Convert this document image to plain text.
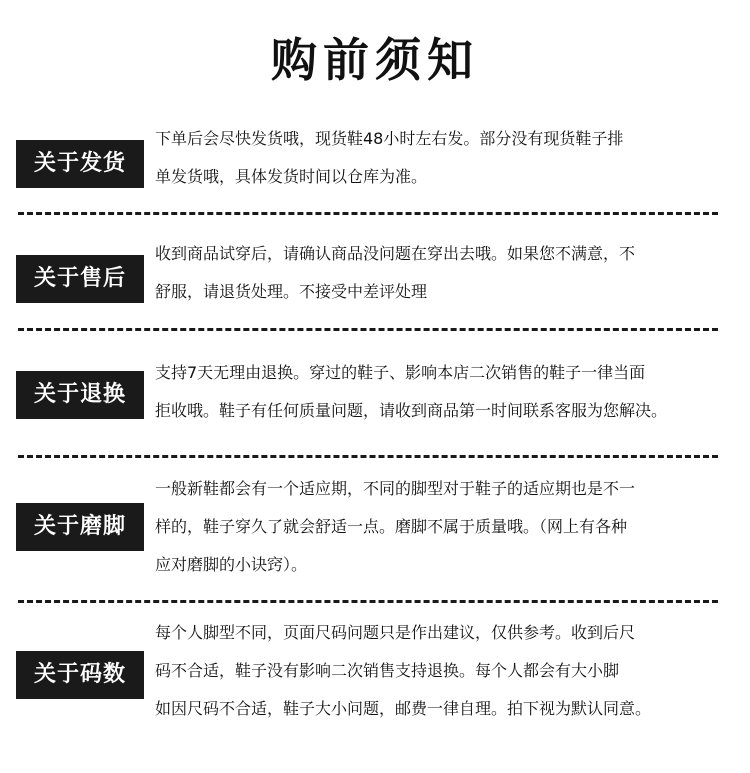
购前须知
关于发货
下单后会尽快发货哦，现货鞋48小时左右发。部分没有现货鞋子排
单发货哦，具体发货时间以仓库为准。
关于售后
收到商品试穿后，请确认商品没问题在穿出去哦。如果您不满意，不
舒服，请退货处理。不接受中差评处理
关于退换
支持7天无理由退换。穿过的鞋子、影响本店二次销售的鞋子一律当面
拒收哦。鞋子有任何质量问题，请收到商品第一时间联系客服为您解决。
关于磨脚
一般新鞋都会有一个适应期，不同的脚型对于鞋子的适应期也是不一
样的，鞋子穿久了就会舒适一点。磨脚不属于质量哦。（网上有各种
应对磨脚的小诀窍）。
关于码数
每个人脚型不同，页面尺码问题只是作出建议，仅供参考。收到后尺
码不合适，鞋子没有影响二次销售支持退换。每个人都会有大小脚
如因尺码不合适，鞋子大小问题，邮费一律自理。拍下视为默认同意。
